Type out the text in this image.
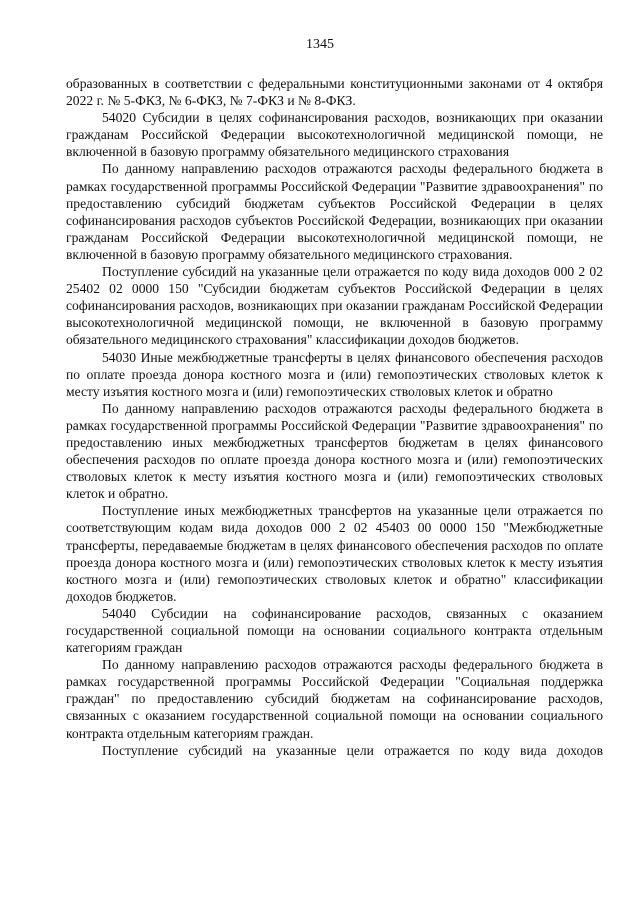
1345

образованных в соответствии с федеральными конституционными законами от 4 октября 2022 г. № 5-ФКЗ, № 6-ФКЗ, № 7-ФКЗ и № 8-ФКЗ.

54020 Субсидии в целях софинансирования расходов, возникающих при оказании гражданам Российской Федерации высокотехнологичной медицинской помощи, не включенной в базовую программу обязательного медицинского страхования

По данному направлению расходов отражаются расходы федерального бюджета в рамках государственной программы Российской Федерации "Развитие здравоохранения" по предоставлению субсидий бюджетам субъектов Российской Федерации в целях софинансирования расходов субъектов Российской Федерации, возникающих при оказании гражданам Российской Федерации высокотехнологичной медицинской помощи, не включенной в базовую программу обязательного медицинского страхования.

Поступление субсидий на указанные цели отражается по коду вида доходов 000 2 02 25402 02 0000 150 "Субсидии бюджетам субъектов Российской Федерации в целях софинансирования расходов, возникающих при оказании гражданам Российской Федерации высокотехнологичной медицинской помощи, не включенной в базовую программу обязательного медицинского страхования" классификации доходов бюджетов.

54030 Иные межбюджетные трансферты в целях финансового обеспечения расходов по оплате проезда донора костного мозга и (или) гемопоэтических стволовых клеток к месту изъятия костного мозга и (или) гемопоэтических стволовых клеток и обратно

По данному направлению расходов отражаются расходы федерального бюджета в рамках государственной программы Российской Федерации "Развитие здравоохранения" по предоставлению иных межбюджетных трансфертов бюджетам в целях финансового обеспечения расходов по оплате проезда донора костного мозга и (или) гемопоэтических стволовых клеток к месту изъятия костного мозга и (или) гемопоэтических стволовых клеток и обратно.

Поступление иных межбюджетных трансфертов на указанные цели отражается по соответствующим кодам вида доходов 000 2 02 45403 00 0000 150 "Межбюджетные трансферты, передаваемые бюджетам в целях финансового обеспечения расходов по оплате проезда донора костного мозга и (или) гемопоэтических стволовых клеток к месту изъятия костного мозга и (или) гемопоэтических стволовых клеток и обратно" классификации доходов бюджетов.

54040 Субсидии на софинансирование расходов, связанных с оказанием государственной социальной помощи на основании социального контракта отдельным категориям граждан

По данному направлению расходов отражаются расходы федерального бюджета в рамках государственной программы Российской Федерации "Социальная поддержка граждан" по предоставлению субсидий бюджетам на софинансирование расходов, связанных с оказанием государственной социальной помощи на основании социального контракта отдельным категориям граждан.

Поступление субсидий на указанные цели отражается по коду вида доходов
